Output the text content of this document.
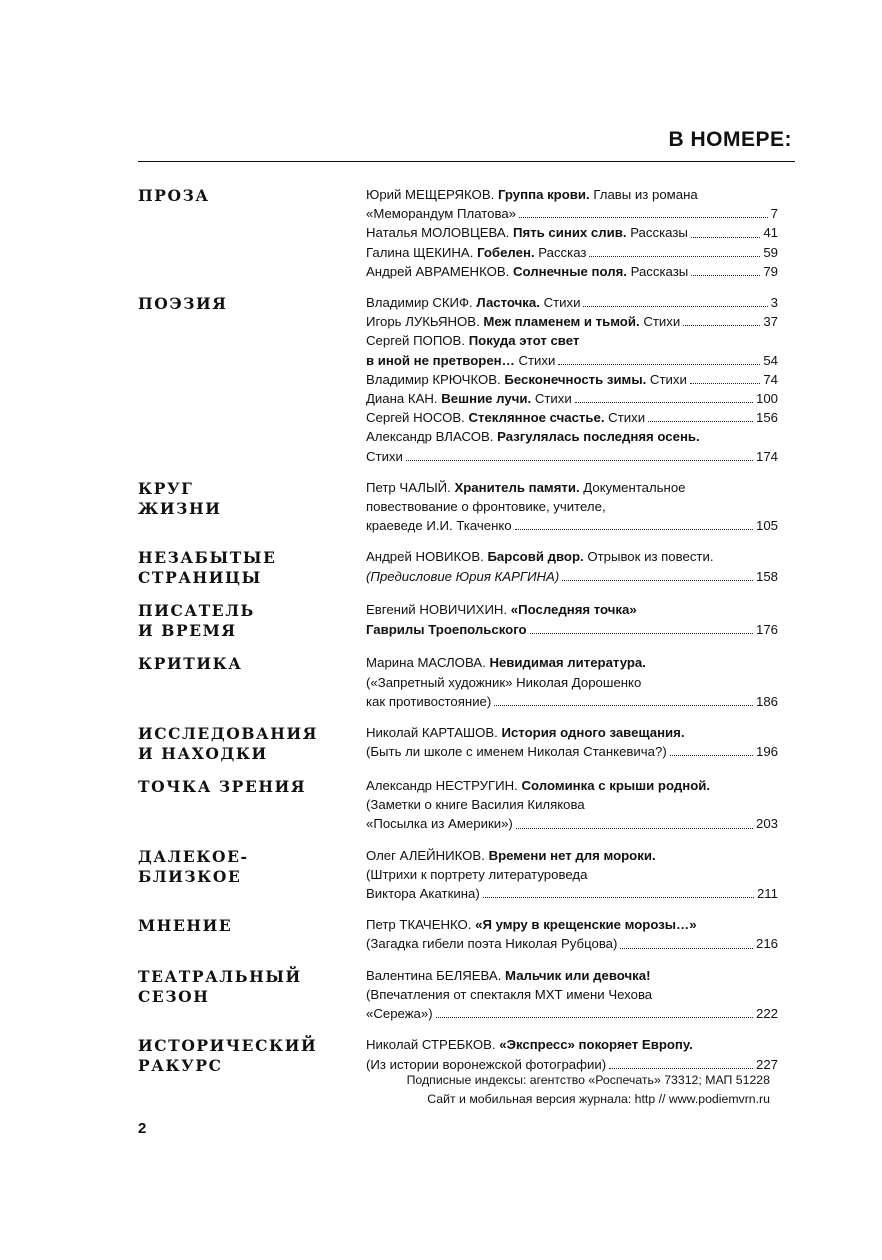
В НОМЕРЕ:
ПРОЗА	Юрий МЕЩЕРЯКОВ. Группа крови. Главы из романа
«Меморандум Платова»	7
Наталья МОЛОВЦЕВА. Пять синих слив. Рассказы	41
Галина ЩЕКИНА. Гобелен. Рассказ	59
Андрей АВРАМЕНКОВ. Солнечные поля. Рассказы	79
ПОЭЗИЯ	Владимир СКИФ. Ласточка. Стихи	3
Игорь ЛУКЬЯНОВ. Меж пламенем и тьмой. Стихи	37
Сергей ПОПОВ. Покуда этот свет
в иной не претворен… Стихи	54
Владимир КРЮЧКОВ. Бесконечность зимы. Стихи	74
Диана КАН. Вешние лучи. Стихи	100
Сергей НОСОВ. Стеклянное счастье. Стихи	156
Александр ВЛАСОВ. Разгулялась последняя осень.
Стихи	174
КРУГ
ЖИЗНИ
Петр ЧАЛЫЙ. Хранитель памяти. Документальное
повествование о фронтовике, учителе,
краеведе И.И. Ткаченко	105
НЕЗАБЫТЫЕ
СТРАНИЦЫ
Андрей НОВИКОВ. Барсовй двор. Отрывок из повести.
(Предисловие Юрия КАРГИНА)	158
ПИСАТЕЛЬ
И ВРЕМЯ
Евгений НОВИЧИХИН. «Последняя точка»
Гаврилы Троепольского	176
КРИТИКА	Марина МАСЛОВА. Невидимая литература.
(«Запретный художник» Николая Дорошенко
как противостояние)	186
ИССЛЕДОВАНИЯ
И НАХОДКИ
Николай КАРТАШОВ. История одного завещания.
(Быть ли школе с именем Николая Станкевича?)	196
ТОЧКА ЗРЕНИЯ	Александр НЕСТРУГИН. Соломинка с крыши родной.
(Заметки о книге Василия Килякова
«Посылка из Америки»)	203
ДАЛЕКОЕ-
БЛИЗКОЕ
Олег АЛЕЙНИКОВ. Времени нет для мороки.
(Штрихи к портрету литературоведа
Виктора Акаткина)	211
МНЕНИЕ	Петр ТКАЧЕНКО. «Я умру в крещенские морозы…»
(Загадка гибели поэта Николая Рубцова)	216
ТЕАТРАЛЬНЫЙ
СЕЗОН
Валентина БЕЛЯЕВА. Мальчик или девочка!
(Впечатления от спектакля МХТ имени Чехова
«Сережа»)	222
ИСТОРИЧЕСКИЙ
РАКУРС
Николай СТРЕБКОВ. «Экспресс» покоряет Европу.
(Из истории воронежской фотографии)	227
Подписные индексы: агентство «Роспечать» 73312; МАП 51228
Сайт и мобильная версия журнала: http // www.podiemvrn.ru
2
